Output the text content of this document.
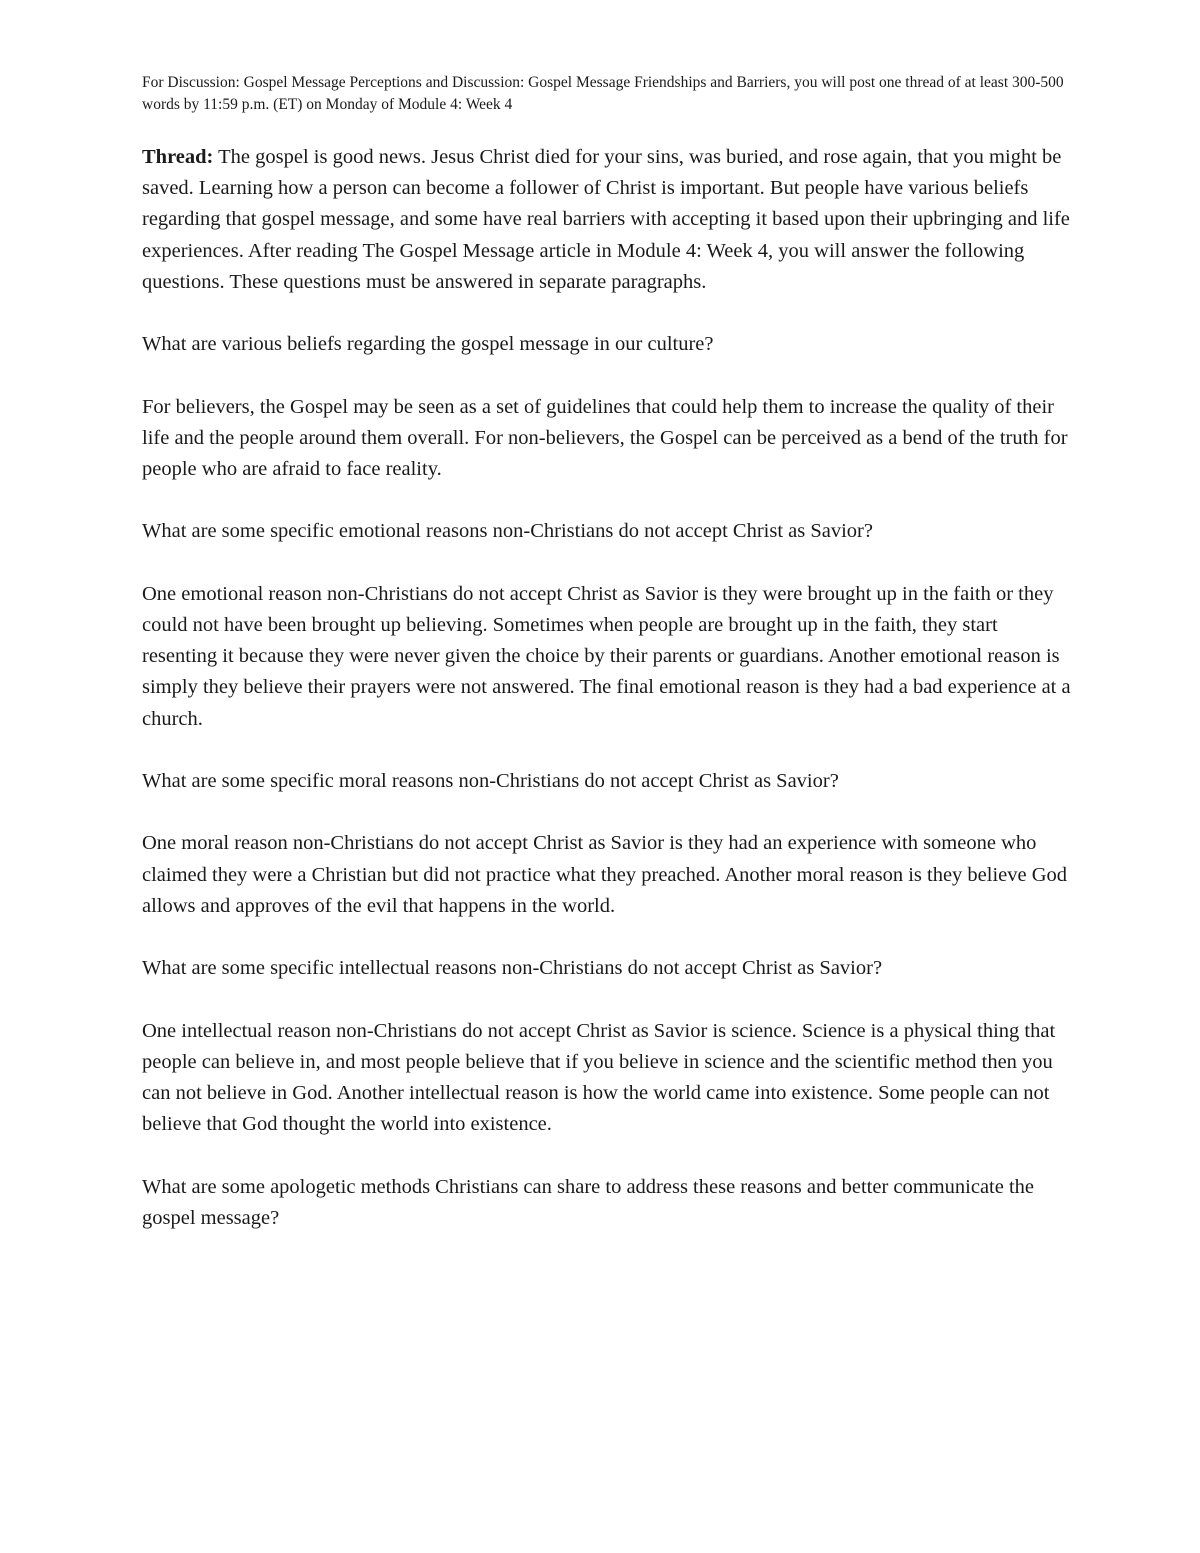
For Discussion: Gospel Message Perceptions and Discussion: Gospel Message Friendships and Barriers, you will post one thread of at least 300-500 words by 11:59 p.m. (ET) on Monday of Module 4: Week 4

Thread: The gospel is good news. Jesus Christ died for your sins, was buried, and rose again, that you might be saved. Learning how a person can become a follower of Christ is important. But people have various beliefs regarding that gospel message, and some have real barriers with accepting it based upon their upbringing and life experiences. After reading The Gospel Message article in Module 4: Week 4, you will answer the following questions. These questions must be answered in separate paragraphs.

What are various beliefs regarding the gospel message in our culture?

For believers, the Gospel may be seen as a set of guidelines that could help them to increase the quality of their life and the people around them overall. For non-believers, the Gospel can be perceived as a bend of the truth for people who are afraid to face reality.

What are some specific emotional reasons non-Christians do not accept Christ as Savior?

One emotional reason non-Christians do not accept Christ as Savior is they were brought up in the faith or they could not have been brought up believing. Sometimes when people are brought up in the faith, they start resenting it because they were never given the choice by their parents or guardians. Another emotional reason is simply they believe their prayers were not answered. The final emotional reason is they had a bad experience at a church.

What are some specific moral reasons non-Christians do not accept Christ as Savior?

One moral reason non-Christians do not accept Christ as Savior is they had an experience with someone who claimed they were a Christian but did not practice what they preached. Another moral reason is they believe God allows and approves of the evil that happens in the world.

What are some specific intellectual reasons non-Christians do not accept Christ as Savior?

One intellectual reason non-Christians do not accept Christ as Savior is science. Science is a physical thing that people can believe in, and most people believe that if you believe in science and the scientific method then you can not believe in God. Another intellectual reason is how the world came into existence. Some people can not believe that God thought the world into existence.

What are some apologetic methods Christians can share to address these reasons and better communicate the gospel message?
